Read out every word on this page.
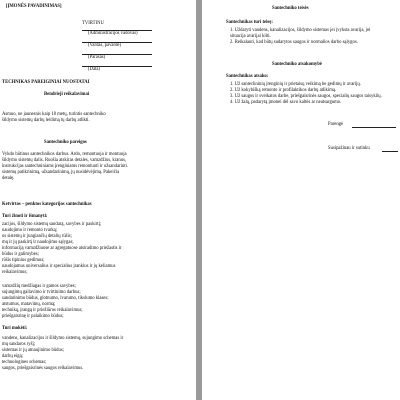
[ĮMONĖS PAVADINIMAS]
TVIRTINU
(Administracijos vadovas)
(Vardas, pavardė)
(Parašas)
(Data)
TECHNIKAS PAREIGINIAI NUOSTATAI
Bendrieji reikalavimai
Asmuo, ne jaunesnis kaip 18 metų, turintis santechniko
šildymo sistemų darbų leidimą tų darbų atlikti.
Santechniko pareigos
Vykdo būtinus santechnikos darbus. Ardo, remontuoja ir montuoja
šildymo sistemų dalis. Ruošia atskiras detales, vamzdžius, kranus,
instrukcijas santechniniams įrenginiams remontuoti ir užsandarinti.
sistemų patikrinimą, užsandarinimą, jų nusidėvėjimą. Pakeičia
detalę.
Ketvirtos – penktos kategorijos santechnikas
Turi žinoti ir išmanyti:
zacijos, šildymo sistemų sandarą, savybes ir paskirtį;
naudojimo ir remonto tvarką;
os sistemų ir jungiančių detalių rūšis;
mų ir jų paskirtį ir naudojimo sąlygas;
informaciją vamzdžiuose ar agregatuose atsiradimo priežastis ir
būdus ir galimybes;
rūšis tipinius gedimus;
naudojamus universalius ir specialius įrankius ir jų keliamus
reikalavimus;
vamzdžių medžiagas ir gamos savybes;
sujungimų galiavimo ir tvirtinimo darbus;
sandarinimo būdus, glotnumo, lvarumo, tikslumo klases;
atstumus, matavimų, normą;
techniką, įrangą ir priežiūros reikalavimus;
priešgaisrinę ir palaikimo būdus;
Turi mokėti:
vandens, kanalizacijos ir šildymo sistemų, sujungimo schemas ir
mų sandaros ryšį;
sistemas ir jų atnaujinimo būdus;
darbų eigą;
technologines schemas;
saugos, priešgaisrinės saugos reikalavimus.
Santechniko teisės
Santechnikas turi teisę:
1. Uždaryti vandens, kanalizacijos, šildymo sistemas jei įvyksta avarija, jei
situacija avarijai kilti.
2. Reikalauti, kad būtų sudarytos saugos ir normalios darbo sąlygos.
Santechniko atsakomybė
Santechnikas atsako:
1. Už santechninių įrenginių ir prietaisų veikimą be gedimų ir avarijų.
2. Už kokybišką remonto ir profilaktikos darbų atlikimą.
3. Už saugos ir sveikatos darbe, priešgaisrinės saugos, specialių saugos taisyklių.
4. Už žalą, padarytą įmonei dėl savo kaltės ar neatsargumo.
Parengė
Susipažinau ir sutinku
